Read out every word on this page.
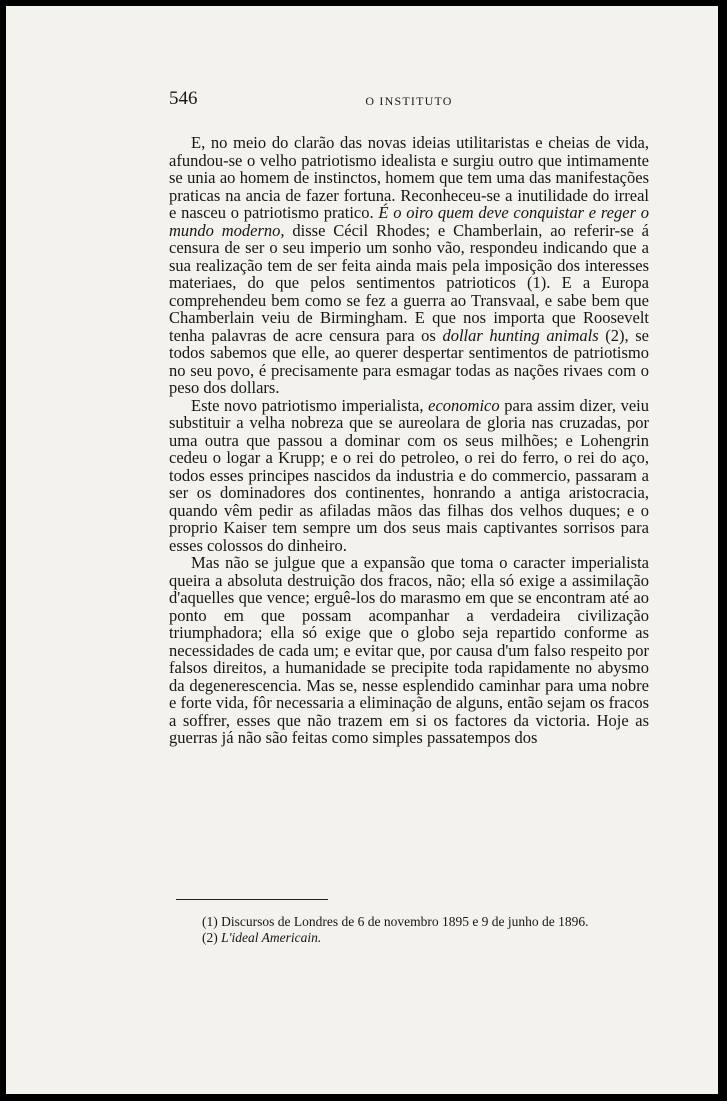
546	O INSTITUTO

E, no meio do clarão das novas ideias utilitaristas e cheias de vida, afundou-se o velho patriotismo idealista e surgiu outro que intimamente se unia ao homem de instinctos, homem que tem uma das manifestações praticas na ancia de fazer fortuna. Reconheceu-se a inutilidade do irreal e nasceu o patriotismo pratico. É o oiro quem deve conquistar e reger o mundo moderno, disse Cécil Rhodes; e Chamberlain, ao referir-se á censura de ser o seu imperio um sonho vão, respondeu indicando que a sua realização tem de ser feita ainda mais pela imposição dos interesses materiaes, do que pelos sentimentos patrioticos (1). E a Europa comprehendeu bem como se fez a guerra ao Transvaal, e sabe bem que Chamberlain veiu de Birmingham. E que nos importa que Roosevelt tenha palavras de acre censura para os dollar hunting animals (2), se todos sabemos que elle, ao querer despertar sentimentos de patriotismo no seu povo, é precisamente para esmagar todas as nações rivaes com o peso dos dollars.

Este novo patriotismo imperialista, economico para assim dizer, veiu substituir a velha nobreza que se aureolara de gloria nas cruzadas, por uma outra que passou a dominar com os seus milhões; e Lohengrin cedeu o logar a Krupp; e o rei do petroleo, o rei do ferro, o rei do aço, todos esses principes nascidos da industria e do commercio, passaram a ser os dominadores dos continentes, honrando a antiga aristocracia, quando vêm pedir as afiladas mãos das filhas dos velhos duques; e o proprio Kaiser tem sempre um dos seus mais captivantes sorrisos para esses colossos do dinheiro.

Mas não se julgue que a expansão que toma o caracter imperialista queira a absoluta destruição dos fracos, não; ella só exige a assimilação d'aquelles que vence; erguê-los do marasmo em que se encontram até ao ponto em que possam acompanhar a verdadeira civilização triumphadora; ella só exige que o globo seja repartido conforme as necessidades de cada um; e evitar que, por causa d'um falso respeito por falsos direitos, a humanidade se precipite toda rapidamente no abysmo da degenerescencia. Mas se, nesse esplendido caminhar para uma nobre e forte vida, fôr necessaria a eliminação de alguns, então sejam os fracos a soffrer, esses que não trazem em si os factores da victoria. Hoje as guerras já não são feitas como simples passatempos dos

(1) Discursos de Londres de 6 de novembro 1895 e 9 de junho de 1896.
(2) L'ideal Americain.
